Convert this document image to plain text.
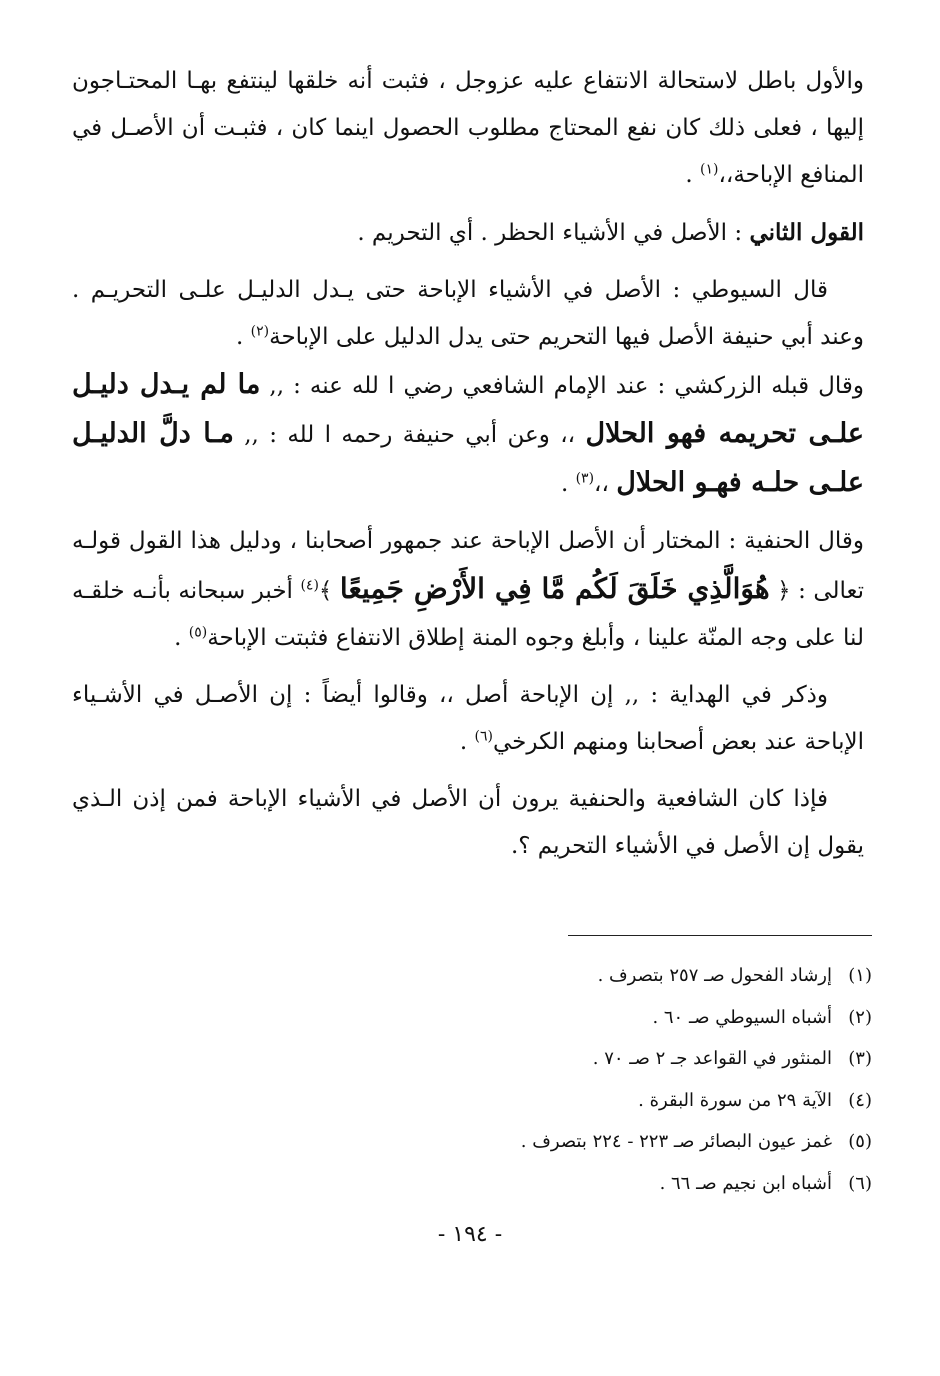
والأول باطل لاستحالة الانتفاع عليه عزوجل ، فثبت أنه خلقها لينتفع بهـا المحتـاجون إليها ، فعلى ذلك كان نفع المحتاج مطلوب الحصول اينما كان ، فثبـت أن الأصـل في المنافع الإباحة،،$^{(١)}$ .

القول الثاني : الأصل في الأشياء الحظر . أي التحريم .

قال السيوطي : الأصل في الأشياء الإباحة حتى يـدل الدليـل علـى التحريـم . وعند أبي حنيفة الأصل فيها التحريم حتى يدل الدليل على الإباحة$^{(٢)}$ .

وقال قبله الزركشي : عند الإمام الشافعي رضي ا لله عنه : ,, ما لم يـدل دليـل علـى تحريمه فهو الحلال ،، وعن أبي حنيفة رحمه ا لله : ,, مـا دلَّ الدليـل علـى حلـه فهـو الحلال ،،$^{(٣)}$ .

وقال الحنفية : المختار أن الأصل الإباحة عند جمهور أصحابنا ، ودليل هذا القول قولـه تعالى : ﴿ هُوَالَّذِي خَلَقَ لَكُم مَّا فِي الأَرْضِ جَمِيعًا ﴾$^{(٤)}$ أخبر سبحانه بأنـه خلقـه لنا على وجه المنّة علينا ، وأبلغ وجوه المنة إطلاق الانتفاع فثبتت الإباحة$^{(٥)}$ .

وذكر في الهداية : ,, إن الإباحة أصل ،، وقالوا أيضاً : إن الأصـل في الأشـياء الإباحة عند بعض أصحابنا ومنهم الكرخي$^{(٦)}$ .

فإذا كان الشافعية والحنفية يرون أن الأصل في الأشياء الإباحة فمن إذن الـذي يقول إن الأصل في الأشياء التحريم ؟.

(١)إرشاد الفحول صـ ٢٥٧ بتصرف .
(٢)أشباه السيوطي صـ ٦٠ .
(٣)المنثور في القواعد جـ ٢ صـ ٧٠ .
(٤)الآية ٢٩ من سورة البقرة .
(٥)غمز عيون البصائر صـ ٢٢٣ - ٢٢٤ بتصرف .
(٦)أشباه ابن نجيم صـ ٦٦ .
- ١٩٤ -
